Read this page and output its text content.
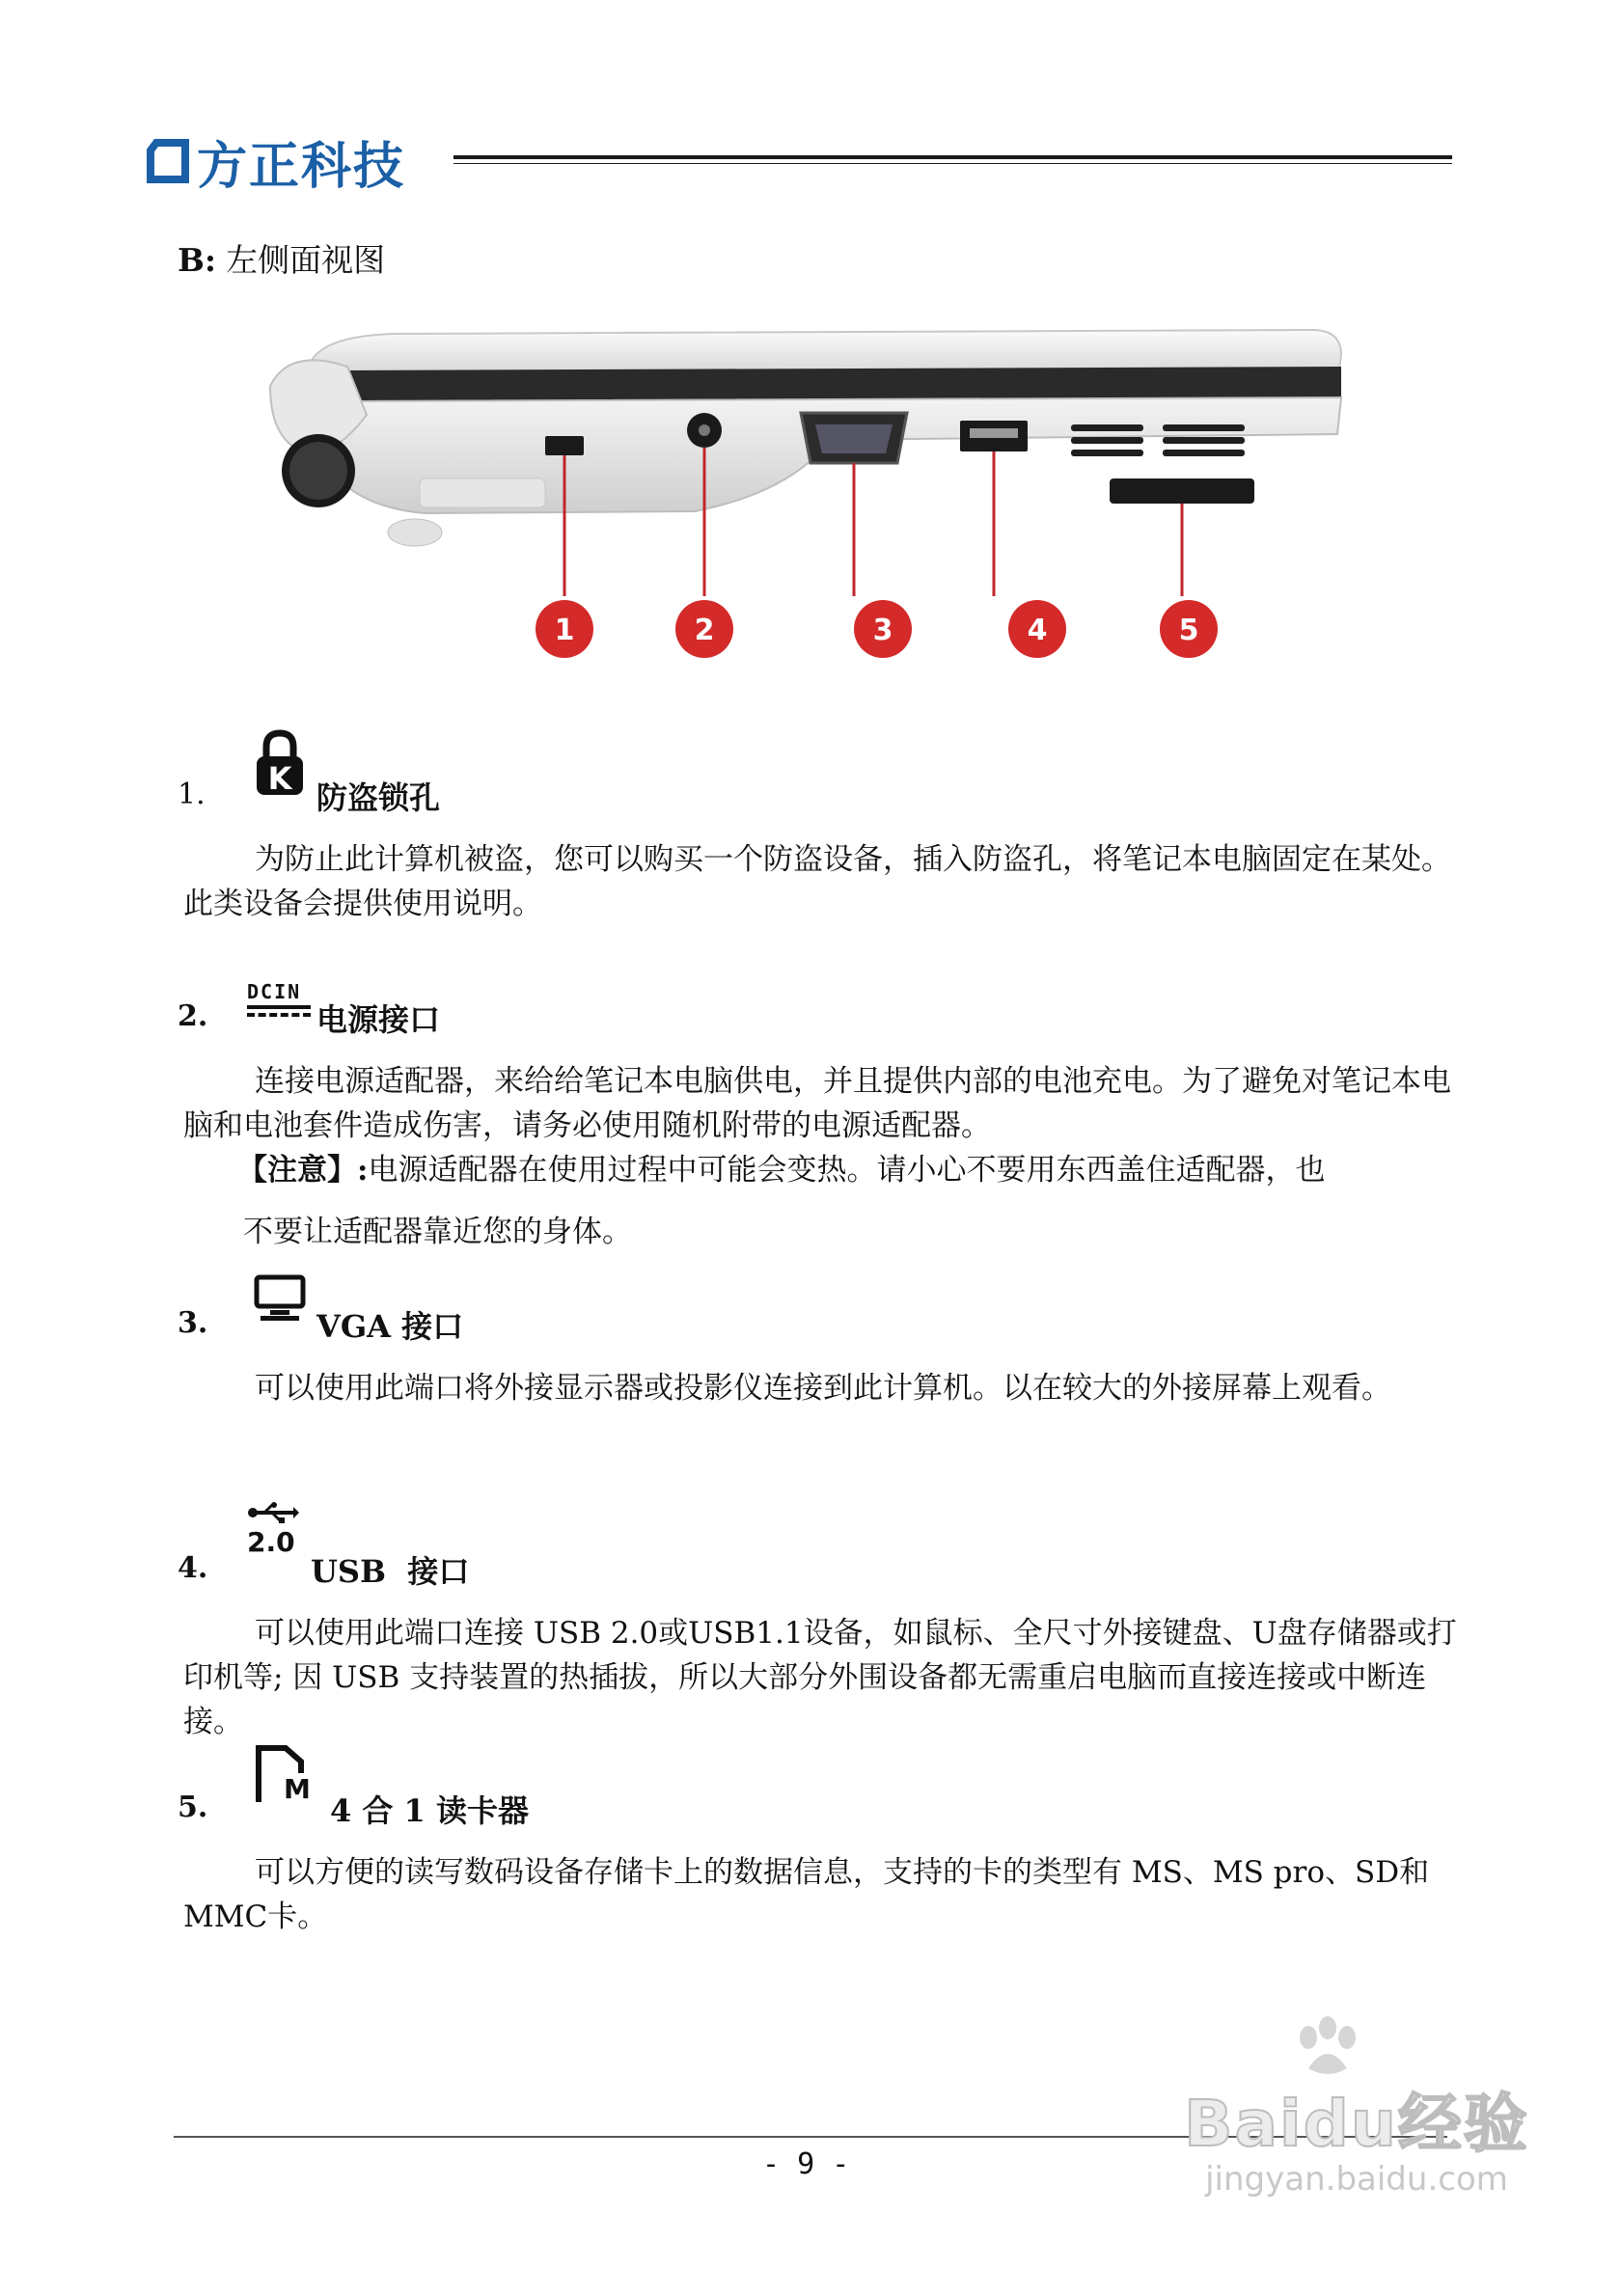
方正科技
B: 左侧面视图
1	2	3	4	5
1. K
防盗锁孔
为防止此计算机被盗，您可以购买一个防盗设备，插入防盗孔，将笔记本电脑固定在某处。此类设备会提供使用说明。
2.
DCIN
电源接口
连接电源适配器，来给给笔记本电脑供电，并且提供内部的电池充电。为了避免对笔记本电脑和电池套件造成伤害，请务必使用随机附带的电源适配器。
【注意】:电源适配器在使用过程中可能会变热。请小心不要用东西盖住适配器，也
不要让适配器靠近您的身体。
3.	VGA 接口
可以使用此端口将外接显示器或投影仪连接到此计算机。以在较大的外接屏幕上观看。
4.
2.0
USB  接口
可以使用此端口连接 USB 2.0或USB1.1设备，如鼠标、全尺寸外接键盘、U盘存储器或打印机等; 因 USB 支持装置的热插拔，所以大部分外围设备都无需重启电脑而直接连接或中断连接。
5.
M
4 合 1 读卡器
可以方便的读写数码设备存储卡上的数据信息，支持的卡的类型有 MS、MS pro、SD和MMC卡。
- 9 -
Baidu经验
jingyan.baidu.com
